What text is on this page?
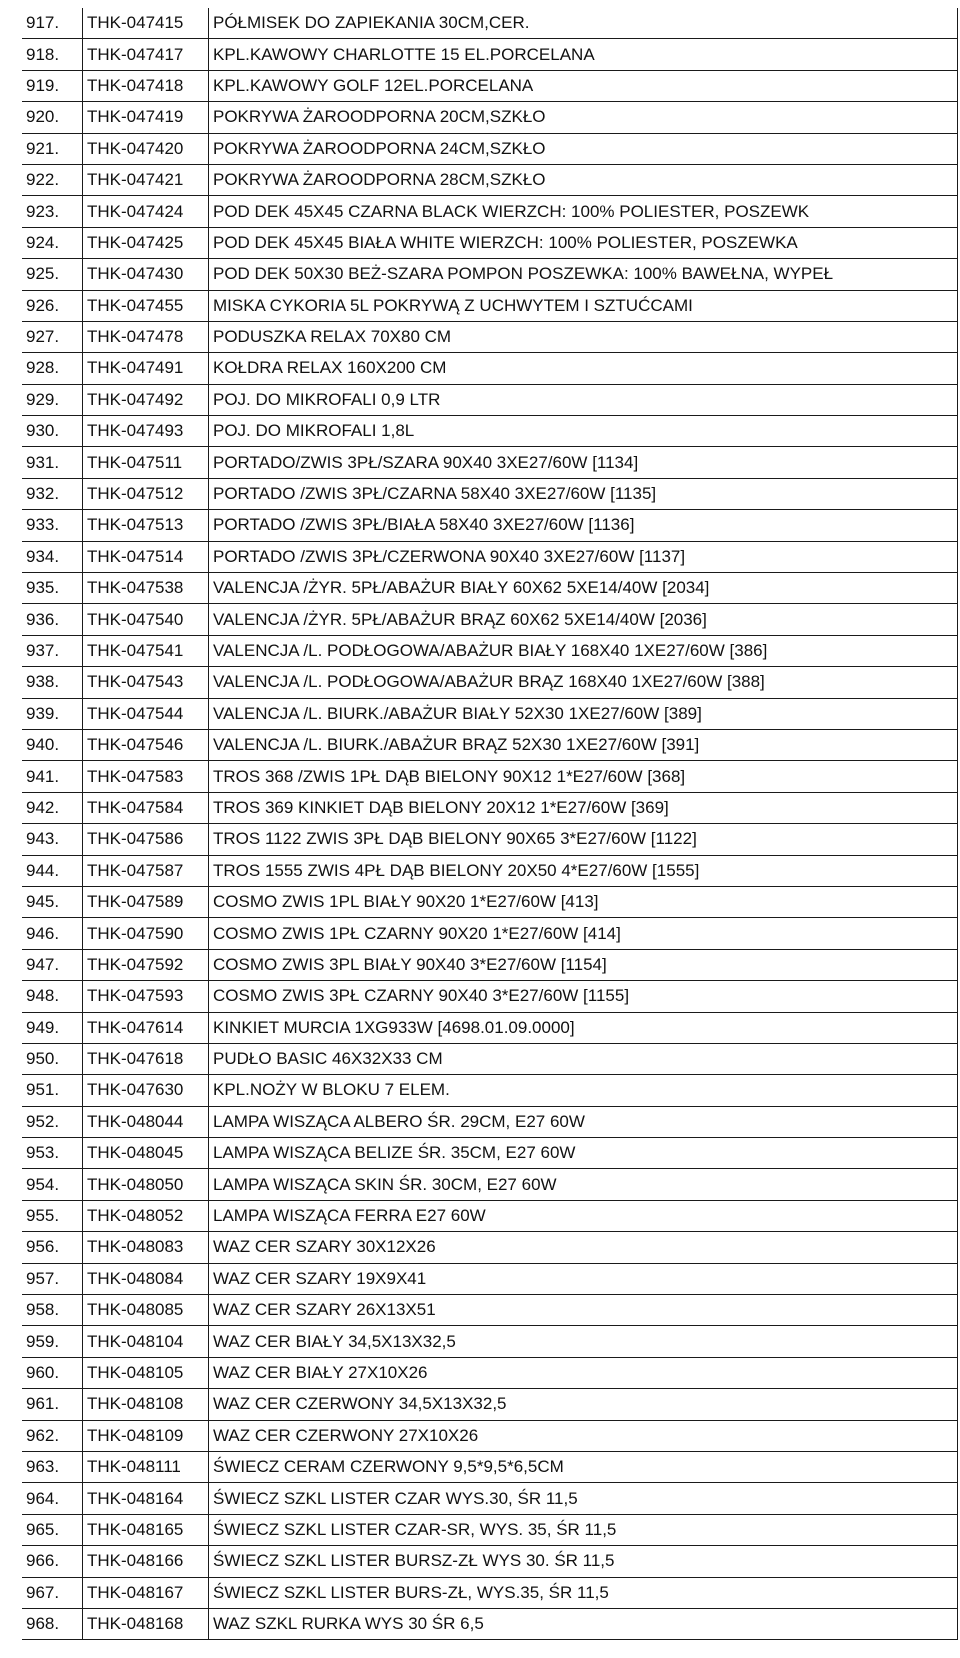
917.	THK-047415	PÓŁMISEK DO ZAPIEKANIA 30CM,CER.
918.	THK-047417	KPL.KAWOWY CHARLOTTE 15 EL.PORCELANA
919.	THK-047418	KPL.KAWOWY GOLF 12EL.PORCELANA
920.	THK-047419	POKRYWA ŻAROODPORNA 20CM,SZKŁO
921.	THK-047420	POKRYWA ŻAROODPORNA 24CM,SZKŁO
922.	THK-047421	POKRYWA ŻAROODPORNA 28CM,SZKŁO
923.	THK-047424	POD DEK 45X45 CZARNA BLACK WIERZCH: 100% POLIESTER, POSZEWK
924.	THK-047425	POD DEK 45X45 BIAŁA WHITE WIERZCH: 100% POLIESTER, POSZEWKA
925.	THK-047430	POD DEK 50X30 BEŻ-SZARA POMPON POSZEWKA: 100% BAWEŁNA, WYPEŁ
926.	THK-047455	MISKA CYKORIA 5L POKRYWĄ Z UCHWYTEM I SZTUĆCAMI
927.	THK-047478	PODUSZKA RELAX 70X80 CM
928.	THK-047491	KOŁDRA RELAX 160X200 CM
929.	THK-047492	POJ. DO MIKROFALI 0,9 LTR
930.	THK-047493	POJ. DO MIKROFALI 1,8L
931.	THK-047511	PORTADO/ZWIS 3PŁ/SZARA 90X40 3XE27/60W [1134]
932.	THK-047512	PORTADO /ZWIS 3PŁ/CZARNA 58X40 3XE27/60W [1135]
933.	THK-047513	PORTADO /ZWIS 3PŁ/BIAŁA 58X40 3XE27/60W [1136]
934.	THK-047514	PORTADO /ZWIS 3PŁ/CZERWONA 90X40 3XE27/60W [1137]
935.	THK-047538	VALENCJA /ŻYR. 5PŁ/ABAŻUR BIAŁY 60X62 5XE14/40W [2034]
936.	THK-047540	VALENCJA /ŻYR. 5PŁ/ABAŻUR BRĄZ 60X62 5XE14/40W [2036]
937.	THK-047541	VALENCJA /L. PODŁOGOWA/ABAŻUR BIAŁY 168X40 1XE27/60W [386]
938.	THK-047543	VALENCJA /L. PODŁOGOWA/ABAŻUR BRĄZ 168X40 1XE27/60W [388]
939.	THK-047544	VALENCJA /L. BIURK./ABAŻUR BIAŁY 52X30 1XE27/60W [389]
940.	THK-047546	VALENCJA /L. BIURK./ABAŻUR BRĄZ 52X30 1XE27/60W [391]
941.	THK-047583	TROS 368 /ZWIS 1PŁ DĄB BIELONY 90X12 1*E27/60W [368]
942.	THK-047584	TROS 369 KINKIET DĄB BIELONY 20X12 1*E27/60W [369]
943.	THK-047586	TROS 1122 ZWIS 3PŁ DĄB BIELONY 90X65 3*E27/60W [1122]
944.	THK-047587	TROS 1555 ZWIS 4PŁ DĄB BIELONY 20X50 4*E27/60W [1555]
945.	THK-047589	COSMO ZWIS 1PL BIAŁY 90X20 1*E27/60W [413]
946.	THK-047590	COSMO ZWIS 1PŁ CZARNY 90X20 1*E27/60W [414]
947.	THK-047592	COSMO ZWIS 3PL BIAŁY 90X40 3*E27/60W [1154]
948.	THK-047593	COSMO ZWIS 3PŁ CZARNY 90X40 3*E27/60W [1155]
949.	THK-047614	KINKIET MURCIA 1XG933W [4698.01.09.0000]
950.	THK-047618	PUDŁO BASIC 46X32X33 CM
951.	THK-047630	KPL.NOŻY W BLOKU 7 ELEM.
952.	THK-048044	LAMPA WISZĄCA ALBERO ŚR. 29CM, E27 60W
953.	THK-048045	LAMPA WISZĄCA BELIZE ŚR. 35CM, E27 60W
954.	THK-048050	LAMPA WISZĄCA SKIN ŚR. 30CM, E27 60W
955.	THK-048052	LAMPA WISZĄCA FERRA E27 60W
956.	THK-048083	WAZ CER SZARY 30X12X26
957.	THK-048084	WAZ CER SZARY 19X9X41
958.	THK-048085	WAZ CER SZARY 26X13X51
959.	THK-048104	WAZ CER BIAŁY 34,5X13X32,5
960.	THK-048105	WAZ CER BIAŁY 27X10X26
961.	THK-048108	WAZ CER CZERWONY 34,5X13X32,5
962.	THK-048109	WAZ CER CZERWONY 27X10X26
963.	THK-048111	ŚWIECZ CERAM CZERWONY 9,5*9,5*6,5CM
964.	THK-048164	ŚWIECZ SZKL LISTER CZAR WYS.30, ŚR 11,5
965.	THK-048165	ŚWIECZ SZKL LISTER CZAR-SR, WYS. 35, ŚR 11,5
966.	THK-048166	ŚWIECZ SZKL LISTER BURSZ-ZŁ WYS 30. ŚR 11,5
967.	THK-048167	ŚWIECZ SZKL LISTER BURS-ZŁ, WYS.35, ŚR 11,5
968.	THK-048168	WAZ SZKL RURKA WYS 30 ŚR 6,5
